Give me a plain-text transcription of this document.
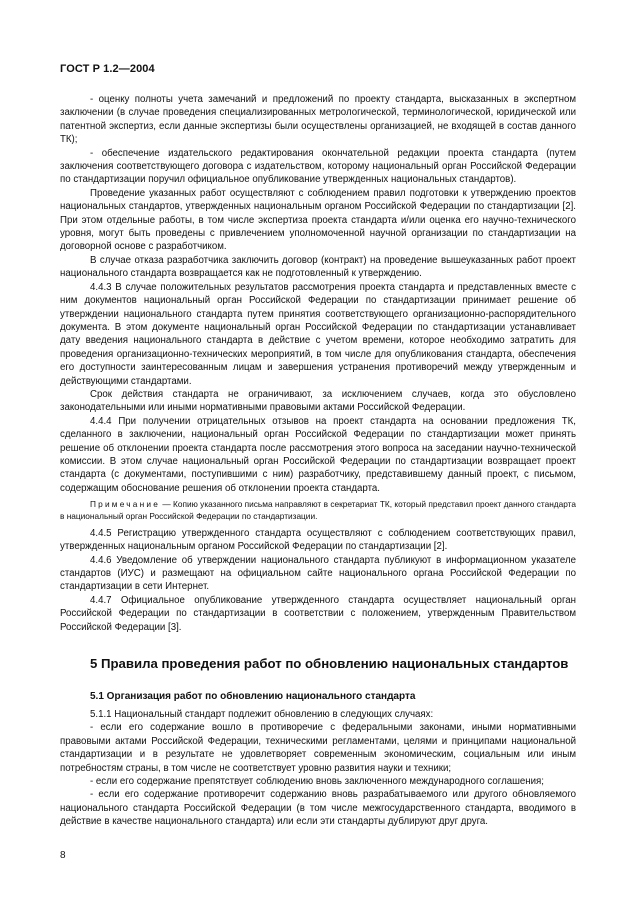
ГОСТ Р 1.2—2004

- оценку полноты учета замечаний и предложений по проекту стандарта, высказанных в экспертном заключении (в случае проведения специализированных метрологической, терминологической, юридической или патентной экспертиз, если данные экспертизы были осуществлены организацией, не входящей в состав данного ТК);

- обеспечение издательского редактирования окончательной редакции проекта стандарта (путем заключения соответствующего договора с издательством, которому национальный орган Российской Федерации по стандартизации поручил официальное опубликование утвержденных национальных стандартов).

Проведение указанных работ осуществляют с соблюдением правил подготовки к утверждению проектов национальных стандартов, утвержденных национальным органом Российской Федерации по стандартизации [2]. При этом отдельные работы, в том числе экспертиза проекта стандарта и/или оценка его научно-технического уровня, могут быть проведены с привлечением уполномоченной научной организации по стандартизации на договорной основе с разработчиком.

В случае отказа разработчика заключить договор (контракт) на проведение вышеуказанных работ проект национального стандарта возвращается как не подготовленный к утверждению.

4.4.3 В случае положительных результатов рассмотрения проекта стандарта и представленных вместе с ним документов национальный орган Российской Федерации по стандартизации принимает решение об утверждении национального стандарта путем принятия соответствующего организационно-распорядительного документа. В этом документе национальный орган Российской Федерации по стандартизации устанавливает дату введения национального стандарта в действие с учетом времени, которое необходимо затратить для проведения организационно-технических мероприятий, в том числе для опубликования стандарта, обеспечения его доступности заинтересованным лицам и завершения устранения противоречий между утвержденным и действующими стандартами.

Срок действия стандарта не ограничивают, за исключением случаев, когда это обусловлено законодательными или иными нормативными правовыми актами Российской Федерации.

4.4.4 При получении отрицательных отзывов на проект стандарта на основании предложения ТК, сделанного в заключении, национальный орган Российской Федерации по стандартизации может принять решение об отклонении проекта стандарта после рассмотрения этого вопроса на заседании научно-технической комиссии. В этом случае национальный орган Российской Федерации по стандартизации возвращает проект стандарта (с документами, поступившими с ним) разработчику, представившему данный проект, с письмом, содержащим обоснование решения об отклонении проекта стандарта.

Примечание — Копию указанного письма направляют в секретариат ТК, который представил проект данного стандарта в национальный орган Российской Федерации по стандартизации.

4.4.5 Регистрацию утвержденного стандарта осуществляют с соблюдением соответствующих правил, утвержденных национальным органом Российской Федерации по стандартизации [2].

4.4.6 Уведомление об утверждении национального стандарта публикуют в информационном указателе стандартов (ИУС) и размещают на официальном сайте национального органа Российской Федерации по стандартизации в сети Интернет.

4.4.7 Официальное опубликование утвержденного стандарта осуществляет национальный орган Российской Федерации по стандартизации в соответствии с положением, утвержденным Правительством Российской Федерации [3].

5 Правила проведения работ по обновлению национальных стандартов
5.1 Организация работ по обновлению национального стандарта

5.1.1 Национальный стандарт подлежит обновлению в следующих случаях:

- если его содержание вошло в противоречие с федеральными законами, иными нормативными правовыми актами Российской Федерации, техническими регламентами, целями и принципами национальной стандартизации и в результате не удовлетворяет современным экономическим, социальным или иным потребностям страны, в том числе не соответствует уровню развития науки и техники;

- если его содержание препятствует соблюдению вновь заключенного международного соглашения;

- если его содержание противоречит содержанию вновь разрабатываемого или другого обновляемого национального стандарта Российской Федерации (в том числе межгосударственного стандарта, вводимого в действие в качестве национального стандарта) или если эти стандарты дублируют друг друга.

8
